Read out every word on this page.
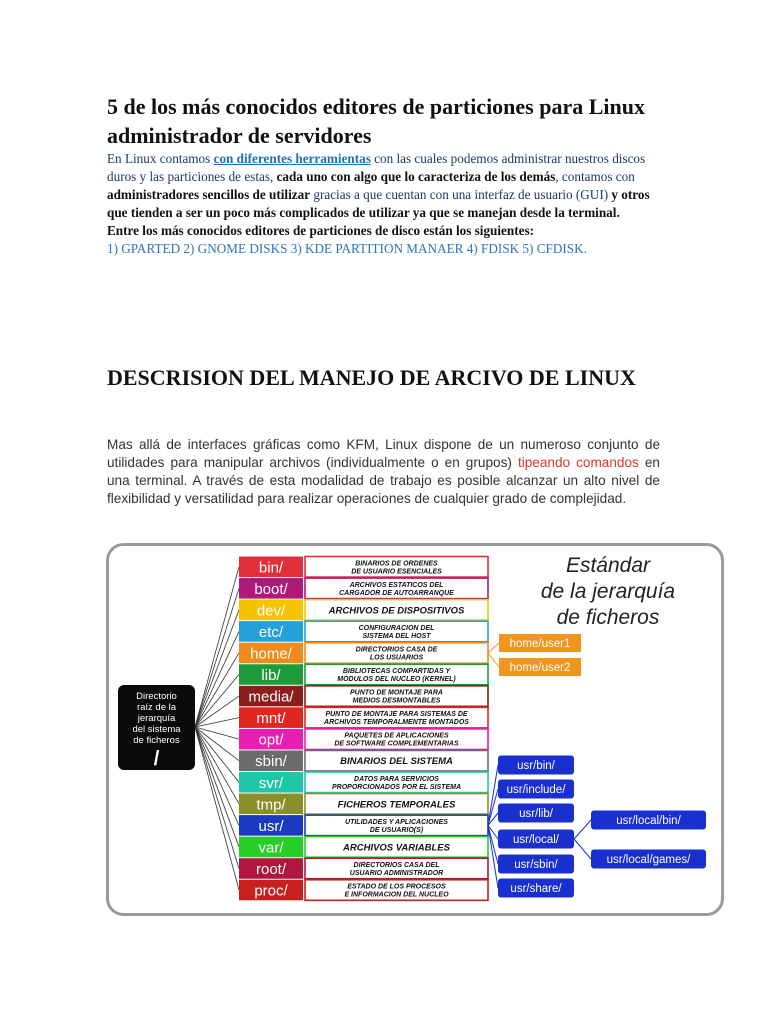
5 de los más conocidos editores de particiones para Linux administrador de servidores

En Linux contamos con diferentes herramientas con las cuales podemos administrar nuestros discos duros y las particiones de estas, cada uno con algo que lo caracteriza de los demás, contamos con administradores sencillos de utilizar gracias a que cuentan con una interfaz de usuario (GUI) y otros que tienden a ser un poco más complicados de utilizar ya que se manejan desde la terminal.
Entre los más conocidos editores de particiones de disco están los siguientes:
1) GPARTED 2) GNOME DISKS 3) KDE PARTITION MANAER 4) FDISK 5) CFDISK.

DESCRISION DEL MANEJO DE ARCIVO DE LINUX

Mas allá de interfaces gráficas como KFM, Linux dispone de un numeroso conjunto de utilidades para manipular archivos (individualmente o en grupos) tipeando comandos en una terminal. A través de esta modalidad de trabajo es posible alcanzar un alto nivel de flexibilidad y versatilidad para realizar operaciones de cualquier grado de complejidad.

Estándar
de la jerarquía
de ficheros
Directorio
raíz de la
jerarquía
del sistema
de ficheros
/
bin/	BINARIOS DE ORDENES
DE USUARIO ESENCIALES
boot/	ARCHIVOS ESTATICOS DEL
CARGADOR DE AUTOARRANQUE
dev/	ARCHIVOS DE DISPOSITIVOS
etc/	CONFIGURACION DEL
SISTEMA DEL HOST
home/	DIRECTORIOS CASA DE
LOS USUARIOS
lib/	BIBLIOTECAS COMPARTIDAS Y
MODULOS DEL NUCLEO (KERNEL)
media/	PUNTO DE MONTAJE PARA
MEDIOS DESMONTABLES
mnt/	PUNTO DE MONTAJE PARA SISTEMAS DE
ARCHIVOS TEMPORALMENTE MONTADOS
opt/	PAQUETES DE APLICACIONES
DE SOFTWARE COMPLEMENTARIAS
sbin/	BINARIOS DEL SISTEMA
svr/	DATOS PARA SERVICIOS
PROPORCIONADOS POR EL SISTEMA
tmp/	FICHEROS TEMPORALES
usr/	UTILIDADES Y APLICACIONES
DE USUARIO(S)
var/	ARCHIVOS VARIABLES
root/	DIRECTORIOS CASA DEL
USUARIO ADMINISTRADOR
proc/	ESTADO DE LOS PROCESOS
E INFORMACION DEL NUCLEO
home/user1
home/user2
usr/bin/
usr/include/
usr/lib/
usr/local/
usr/sbin/
usr/share/
usr/local/bin/
usr/local/games/
